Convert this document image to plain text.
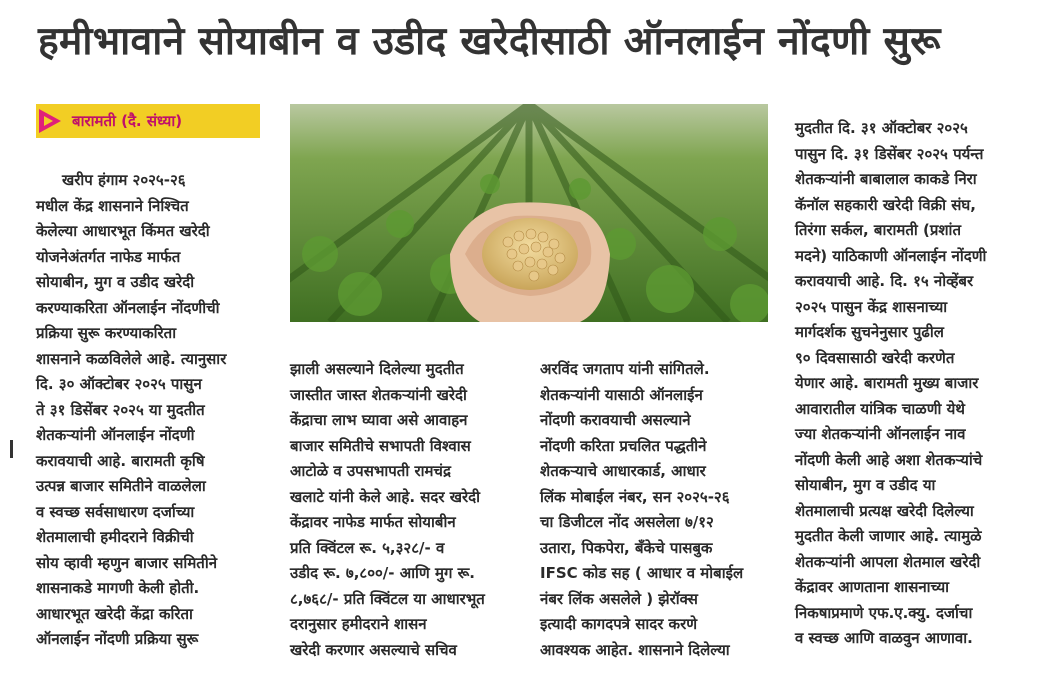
हमीभावाने सोयाबीन व उडीद खरेदीसाठी ऑनलाईन नोंदणी सुरू
बारामती (दै. संध्या)
खरीप हंगाम २०२५-२६
मधील केंद्र शासनाने निश्चित
केलेल्या आधारभूत किंमत खरेदी
योजनेअंतर्गत नाफेड मार्फत
सोयाबीन, मुग व उडीद खरेदी
करण्याकरिता ऑनलाईन नोंदणीची
प्रक्रिया सुरू करण्याकरिता
शासनाने कळविलेले आहे. त्यानुसार
दि. ३० ऑक्टोबर २०२५ पासुन
ते ३१ डिसेंबर २०२५ या मुदतीत
शेतकऱ्यांनी ऑनलाईन नोंदणी
करावयाची आहे. बारामती कृषि
उत्पन्न बाजार समितीने वाळलेला
व स्वच्छ सर्वसाधारण दर्जाच्या
शेतमालाची हमीदराने विक्रीची
सोय व्हावी म्हणुन बाजार समितीने
शासनाकडे मागणी केली होती.
आधारभूत खरेदी केंद्रा करिता
ऑनलाईन नोंदणी प्रक्रिया सुरू
झाली असल्याने दिलेल्या मुदतीत
जास्तीत जास्त शेतकऱ्यांनी खरेदी
केंद्राचा लाभ घ्यावा असे आवाहन
बाजार समितीचे सभापती विश्वास
आटोळे व उपसभापती रामचंद्र
खलाटे यांनी केले आहे. सदर खरेदी
केंद्रावर नाफेड मार्फत सोयाबीन
प्रति क्विंटल रू. ५,३२८/- व
उडीद रू. ७,८००/- आणि मुग रू.
८,७६८/- प्रति क्विंटल या आधारभूत
दरानुसार हमीदराने शासन
खरेदी करणार असल्याचे सचिव
अरविंद जगताप यांनी सांगितले.
शेतकऱ्यांनी यासाठी ऑनलाईन
नोंदणी करावयाची असल्याने
नोंदणी करिता प्रचलित पद्धतीने
शेतकऱ्याचे आधारकार्ड, आधार
लिंक मोबाईल नंबर, सन २०२५-२६
चा डिजीटल नोंद असलेला ७/१२
उतारा, पिकपेरा, बँकेचे पासबुक
IFSC कोड सह ( आधार व मोबाईल
नंबर लिंक असलेले ) झेरॉक्स
इत्यादी कागदपत्रे सादर करणे
आवश्यक आहेत. शासनाने दिलेल्या
मुदतीत दि. ३१ ऑक्टोबर २०२५
पासुन दि. ३१ डिसेंबर २०२५ पर्यन्त
शेतकऱ्यांनी बाबालाल काकडे निरा
कॅनॉल सहकारी खरेदी विक्री संघ,
तिरंगा सर्कल, बारामती (प्रशांत
मदने) याठिकाणी ऑनलाईन नोंदणी
करावयाची आहे. दि. १५ नोव्हेंबर
२०२५ पासुन केंद्र शासनाच्या
मार्गदर्शक सुचनेनुसार पुढील
९० दिवसासाठी खरेदी करणेत
येणार आहे. बारामती मुख्य बाजार
आवारातील यांत्रिक चाळणी येथे
ज्या शेतकऱ्यांनी ऑनलाईन नाव
नोंदणी केली आहे अशा शेतकऱ्यांचे
सोयाबीन, मुग व उडीद या
शेतमालाची प्रत्यक्ष खरेदी दिलेल्या
मुदतीत केली जाणार आहे. त्यामुळे
शेतकऱ्यांनी आपला शेतमाल खरेदी
केंद्रावर आणताना शासनाच्या
निकषाप्रमाणे एफ.ए.क्यु. दर्जाचा
व स्वच्छ आणि वाळवुन आणावा.
